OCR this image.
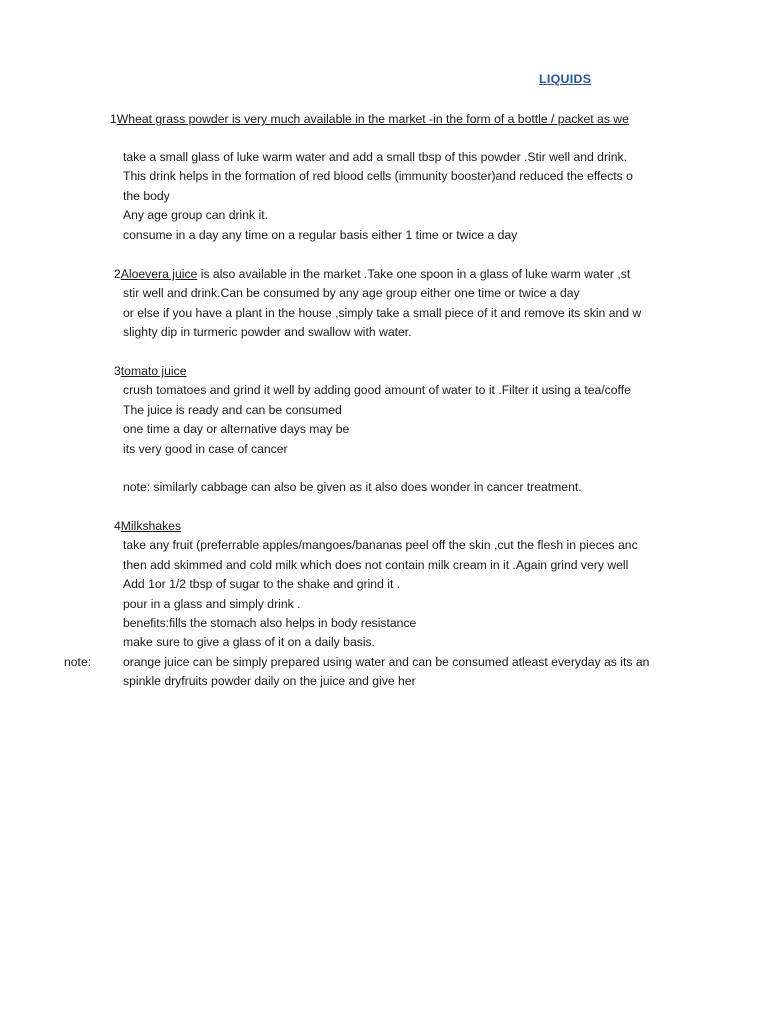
LIQUIDS
1Wheat grass powder is very much available in the market -in the form of a bottle / packet as we
take a small glass of luke warm water and add a small tbsp of this powder .Stir well and drink.
This drink helps in the formation of red blood cells (immunity booster)and reduced the effects o
the body
Any age group can drink it.
consume in a day any time on a regular basis either 1 time or twice a day
2Aloevera juice is also available in the market .Take one spoon in a glass of luke warm water ,st
stir well and drink.Can be consumed by any age group either one time or twice a day
or else if you have a plant in the house ,simply take a small piece of it and remove its skin and w
slighty dip in turmeric powder and swallow with water.
3tomato juice
crush tomatoes and grind it well by adding good amount of water to it .Filter it using a tea/coffe
The juice is ready and can be consumed
one time a day or alternative days may be
its very good in case of cancer
note: similarly cabbage can also be given as it also does wonder in cancer treatment.
4Milkshakes
take any fruit (preferrable apples/mangoes/bananas peel off the skin ,cut the flesh in pieces anc
then add skimmed and cold milk which does not contain milk cream in it .Again grind very well
Add 1or 1/2 tbsp of sugar to the shake and grind it .
pour in a glass and simply drink .
benefits:fills the stomach also helps in body resistance
make sure to give a glass of it on a daily basis.
note:	orange juice can be simply prepared using water and can be consumed atleast everyday as its an
spinkle dryfruits powder daily on the juice and give her
